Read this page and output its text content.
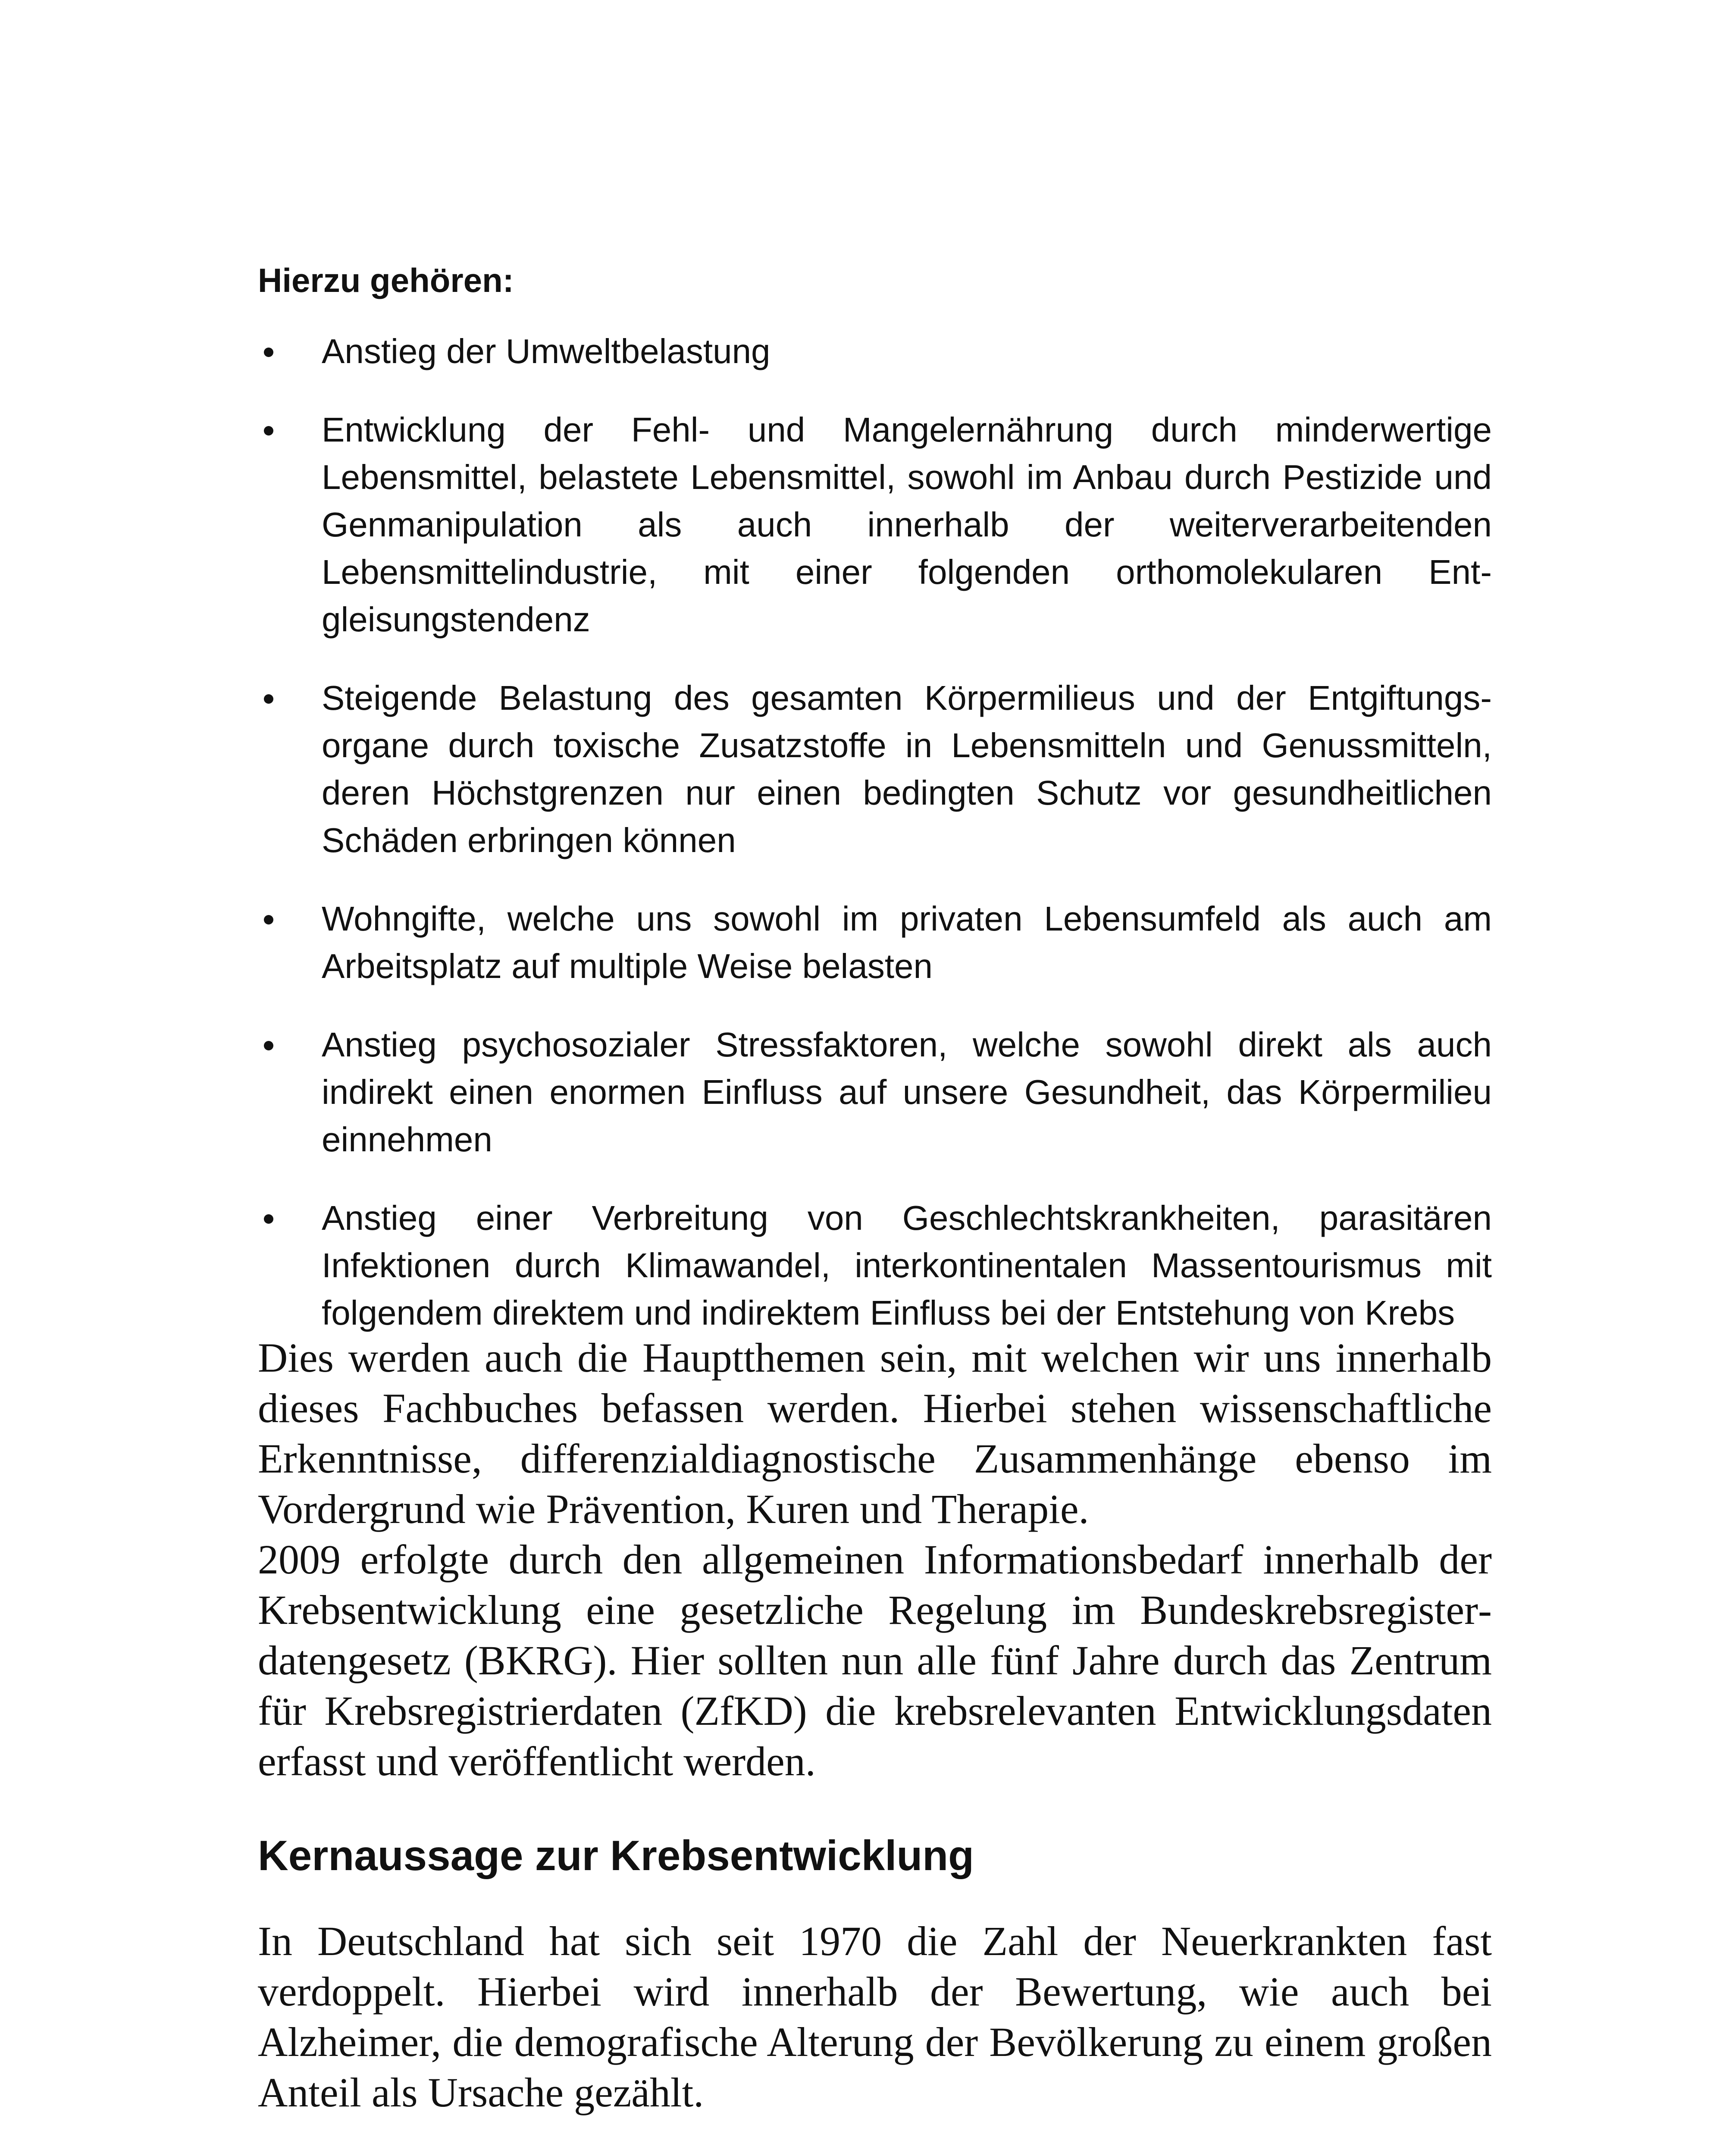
Hierzu gehören:

Anstieg der Umweltbelastung
Entwicklung der Fehl- und Mangelernährung durch minderwertige Lebensmittel, belastete Lebensmittel, sowohl im Anbau durch Pestizide und Genmanipulation als auch innerhalb der weiterverarbeitenden Lebensmittelindustrie, mit einer folgenden orthomolekularen Entgleisungstendenz
Steigende Belastung des gesamten Körpermilieus und der Entgiftungsorgane durch toxische Zusatzstoffe in Lebensmitteln und Genussmitteln, deren Höchstgrenzen nur einen bedingten Schutz vor gesundheitlichen Schäden erbringen können
Wohngifte, welche uns sowohl im privaten Lebensumfeld als auch am Arbeitsplatz auf multiple Weise belasten
Anstieg psychosozialer Stressfaktoren, welche sowohl direkt als auch indirekt einen enormen Einfluss auf unsere Gesundheit, das Körpermilieu einnehmen
Anstieg einer Verbreitung von Geschlechtskrankheiten, parasitären Infektionen durch Klimawandel, interkontinentalen Massentourismus mit folgendem direktem und indirektem Einfluss bei der Entstehung von Krebs

Dies werden auch die Hauptthemen sein, mit welchen wir uns innerhalb dieses Fachbuches befassen werden. Hierbei stehen wissenschaftliche Erkenntnisse, differenzialdiagnostische Zusammenhänge ebenso im Vordergrund wie Prävention, Kuren und Therapie.

2009 erfolgte durch den allgemeinen Informationsbedarf innerhalb der Krebsentwicklung eine gesetzliche Regelung im Bundeskrebsregisterdatengesetz (BKRG). Hier sollten nun alle fünf Jahre durch das Zentrum für Krebsregistrierdaten (ZfKD) die krebsrelevanten Entwicklungsdaten erfasst und veröffentlicht werden.

Kernaussage zur Krebsentwicklung

In Deutschland hat sich seit 1970 die Zahl der Neuerkrankten fast verdoppelt. Hierbei wird innerhalb der Bewertung, wie auch bei Alzheimer, die demografische Alterung der Bevölkerung zu einem großen Anteil als Ursache gezählt.
